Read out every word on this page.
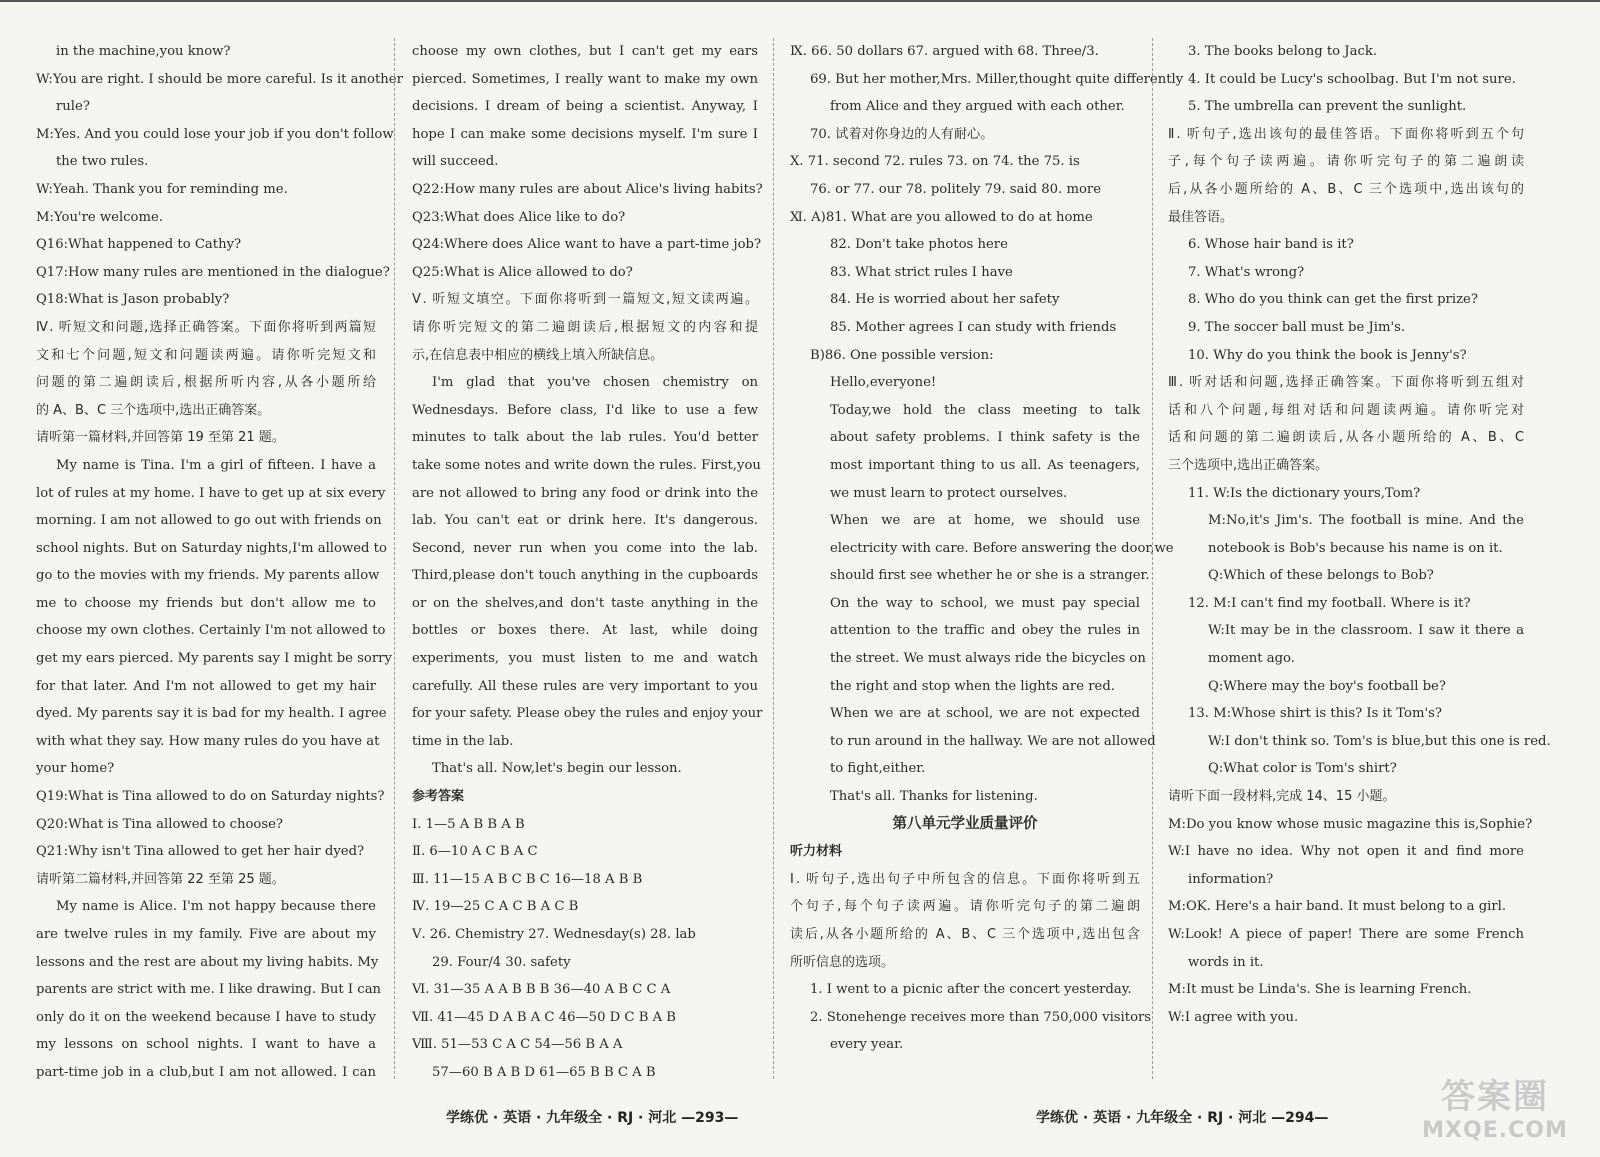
in the machine,you know?

W:You are right. I should be more careful. Is it another

rule?

M:Yes. And you could lose your job if you don't follow

the two rules.

W:Yeah. Thank you for reminding me.

M:You're welcome.

Q16:What happened to Cathy?

Q17:How many rules are mentioned in the dialogue?

Q18:What is Jason probably?

Ⅳ. 听短文和问题,选择正确答案。下面你将听到两篇短

文和七个问题,短文和问题读两遍。请你听完短文和

问题的第二遍朗读后,根据所听内容,从各小题所给

的 A、B、C 三个选项中,选出正确答案。

请听第一篇材料,并回答第 19 至第 21 题。

My name is Tina. I'm a girl of fifteen. I have a

lot of rules at my home. I have to get up at six every

morning. I am not allowed to go out with friends on

school nights. But on Saturday nights,I'm allowed to

go to the movies with my friends. My parents allow

me to choose my friends but don't allow me to

choose my own clothes. Certainly I'm not allowed to

get my ears pierced. My parents say I might be sorry

for that later. And I'm not allowed to get my hair

dyed. My parents say it is bad for my health. I agree

with what they say. How many rules do you have at

your home?

Q19:What is Tina allowed to do on Saturday nights?

Q20:What is Tina allowed to choose?

Q21:Why isn't Tina allowed to get her hair dyed?

请听第二篇材料,并回答第 22 至第 25 题。

My name is Alice. I'm not happy because there

are twelve rules in my family. Five are about my

lessons and the rest are about my living habits. My

parents are strict with me. I like drawing. But I can

only do it on the weekend because I have to study

my lessons on school nights. I want to have a

part-time job in a club,but I am not allowed. I can

choose my own clothes, but I can't get my ears

pierced. Sometimes, I really want to make my own

decisions. I dream of being a scientist. Anyway, I

hope I can make some decisions myself. I'm sure I

will succeed.

Q22:How many rules are about Alice's living habits?

Q23:What does Alice like to do?

Q24:Where does Alice want to have a part-time job?

Q25:What is Alice allowed to do?

Ⅴ. 听短文填空。下面你将听到一篇短文,短文读两遍。

请你听完短文的第二遍朗读后,根据短文的内容和提

示,在信息表中相应的横线上填入所缺信息。

I'm glad that you've chosen chemistry on

Wednesdays. Before class, I'd like to use a few

minutes to talk about the lab rules. You'd better

take some notes and write down the rules. First,you

are not allowed to bring any food or drink into the

lab. You can't eat or drink here. It's dangerous.

Second, never run when you come into the lab.

Third,please don't touch anything in the cupboards

or on the shelves,and don't taste anything in the

bottles or boxes there. At last, while doing

experiments, you must listen to me and watch

carefully. All these rules are very important to you

for your safety. Please obey the rules and enjoy your

time in the lab.

That's all. Now,let's begin our lesson.

参考答案

Ⅰ. 1—5 A B B A B

Ⅱ. 6—10 A C B A C

Ⅲ. 11—15 A B C B C 16—18 A B B

Ⅳ. 19—25 C A C B A C B

Ⅴ. 26. Chemistry 27. Wednesday(s) 28. lab

29. Four/4 30. safety

Ⅵ. 31—35 A A B B B 36—40 A B C C A

Ⅶ. 41—45 D A B A C 46—50 D C B A B

Ⅷ. 51—53 C A C 54—56 B A A

57—60 B A B D 61—65 B B C A B

Ⅸ. 66. 50 dollars 67. argued with 68. Three/3.

69. But her mother,Mrs. Miller,thought quite differently

from Alice and they argued with each other.

70. 试着对你身边的人有耐心。

Ⅹ. 71. second 72. rules 73. on 74. the 75. is

76. or 77. our 78. politely 79. said 80. more

Ⅺ. A)81. What are you allowed to do at home

82. Don't take photos here

83. What strict rules I have

84. He is worried about her safety

85. Mother agrees I can study with friends

B)86. One possible version:

Hello,everyone!

Today,we hold the class meeting to talk

about safety problems. I think safety is the

most important thing to us all. As teenagers,

we must learn to protect ourselves.

When we are at home, we should use

electricity with care. Before answering the door,we

should first see whether he or she is a stranger.

On the way to school, we must pay special

attention to the traffic and obey the rules in

the street. We must always ride the bicycles on

the right and stop when the lights are red.

When we are at school, we are not expected

to run around in the hallway. We are not allowed

to fight,either.

That's all. Thanks for listening.

第八单元学业质量评价

听力材料

Ⅰ. 听句子,选出句子中所包含的信息。下面你将听到五

个句子,每个句子读两遍。请你听完句子的第二遍朗

读后,从各小题所给的 A、B、C 三个选项中,选出包含

所听信息的选项。

1. I went to a picnic after the concert yesterday.

2. Stonehenge receives more than 750,000 visitors

every year.

3. The books belong to Jack.

4. It could be Lucy's schoolbag. But I'm not sure.

5. The umbrella can prevent the sunlight.

Ⅱ. 听句子,选出该句的最佳答语。下面你将听到五个句

子,每个句子读两遍。请你听完句子的第二遍朗读

后,从各小题所给的 A、B、C 三个选项中,选出该句的

最佳答语。

6. Whose hair band is it?

7. What's wrong?

8. Who do you think can get the first prize?

9. The soccer ball must be Jim's.

10. Why do you think the book is Jenny's?

Ⅲ. 听对话和问题,选择正确答案。下面你将听到五组对

话和八个问题,每组对话和问题读两遍。请你听完对

话和问题的第二遍朗读后,从各小题所给的 A、B、C

三个选项中,选出正确答案。

11. W:Is the dictionary yours,Tom?

M:No,it's Jim's. The football is mine. And the

notebook is Bob's because his name is on it.

Q:Which of these belongs to Bob?

12. M:I can't find my football. Where is it?

W:It may be in the classroom. I saw it there a

moment ago.

Q:Where may the boy's football be?

13. M:Whose shirt is this? Is it Tom's?

W:I don't think so. Tom's is blue,but this one is red.

Q:What color is Tom's shirt?

请听下面一段材料,完成 14、15 小题。

M:Do you know whose music magazine this is,Sophie?

W:I have no idea. Why not open it and find more

information?

M:OK. Here's a hair band. It must belong to a girl.

W:Look! A piece of paper! There are some French

words in it.

M:It must be Linda's. She is learning French.

W:I agree with you.

学练优 · 英语 · 九年级全 · RJ · 河北 —293—	学练优 · 英语 · 九年级全 · RJ · 河北 —294—
答案圈
MXQE.COM
